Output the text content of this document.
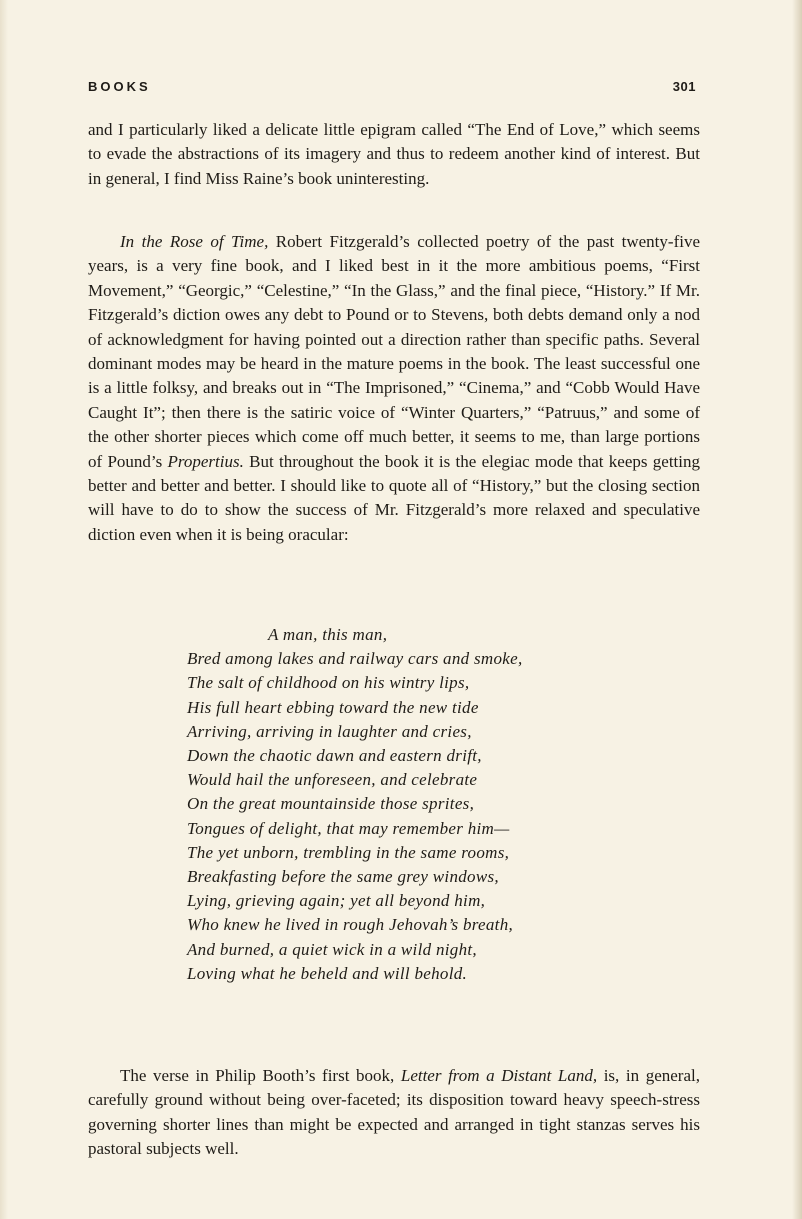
BOOKS	301

and I particularly liked a delicate little epigram called “The End of Love,” which seems to evade the abstractions of its imagery and thus to redeem another kind of interest. But in general, I find Miss Raine’s book uninteresting.

In the Rose of Time, Robert Fitzgerald’s collected poetry of the past twenty-five years, is a very fine book, and I liked best in it the more ambitious poems, “First Movement,” “Georgic,” “Celestine,” “In the Glass,” and the final piece, “History.” If Mr. Fitzgerald’s diction owes any debt to Pound or to Stevens, both debts demand only a nod of acknowledgment for having pointed out a direction rather than specific paths. Several dominant modes may be heard in the mature poems in the book. The least successful one is a little folksy, and breaks out in “The Imprisoned,” “Cinema,” and “Cobb Would Have Caught It”; then there is the satiric voice of “Winter Quarters,” “Patruus,” and some of the other shorter pieces which come off much better, it seems to me, than large portions of Pound’s Propertius. But throughout the book it is the elegiac mode that keeps getting better and better and better. I should like to quote all of “History,” but the closing section will have to do to show the success of Mr. Fitzgerald’s more relaxed and speculative diction even when it is being oracular:

The verse in Philip Booth’s first book, Letter from a Distant Land, is, in general, carefully ground without being over-faceted; its disposition toward heavy speech-stress governing shorter lines than might be expected and arranged in tight stanzas serves his pastoral subjects well.

A man, this man,
Bred among lakes and railway cars and smoke,
The salt of childhood on his wintry lips,
His full heart ebbing toward the new tide
Arriving, arriving in laughter and cries,
Down the chaotic dawn and eastern drift,
Would hail the unforeseen, and celebrate
On the great mountainside those sprites,
Tongues of delight, that may remember him—
The yet unborn, trembling in the same rooms,
Breakfasting before the same grey windows,
Lying, grieving again; yet all beyond him,
Who knew he lived in rough Jehovah’s breath,
And burned, a quiet wick in a wild night,
Loving what he beheld and will behold.
